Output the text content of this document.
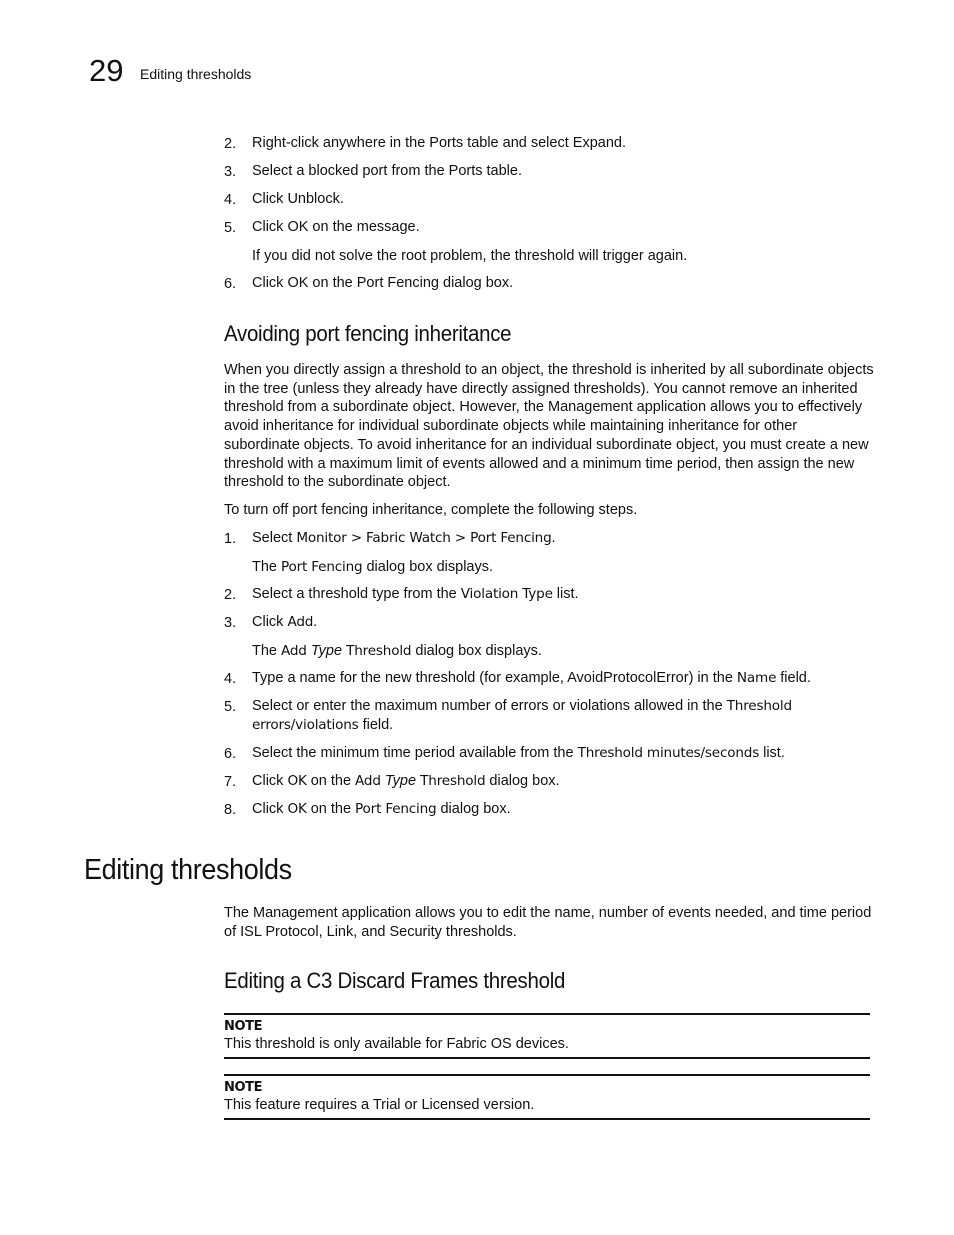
29 Editing thresholds
2. Right-click anywhere in the Ports table and select Expand.
3. Select a blocked port from the Ports table.
4. Click Unblock.
5. Click OK on the message.
If you did not solve the root problem, the threshold will trigger again.
6. Click OK on the Port Fencing dialog box.
Avoiding port fencing inheritance

When you directly assign a threshold to an object, the threshold is inherited by all subordinate objects in the tree (unless they already have directly assigned thresholds). You cannot remove an inherited threshold from a subordinate object. However, the Management application allows you to effectively avoid inheritance for individual subordinate objects while maintaining inheritance for other subordinate objects. To avoid inheritance for an individual subordinate object, you must create a new threshold with a maximum limit of events allowed and a minimum time period, then assign the new threshold to the subordinate object.

To turn off port fencing inheritance, complete the following steps.

1. Select Monitor > Fabric Watch > Port Fencing.
The Port Fencing dialog box displays.
2. Select a threshold type from the Violation Type list.
3. Click Add.
The Add Type Threshold dialog box displays.
4. Type a name for the new threshold (for example, AvoidProtocolError) in the Name field.
5. Select or enter the maximum number of errors or violations allowed in the Threshold errors/violations field.
6. Select the minimum time period available from the Threshold minutes/seconds list.
7. Click OK on the Add Type Threshold dialog box.
8. Click OK on the Port Fencing dialog box.
Editing thresholds

The Management application allows you to edit the name, number of events needed, and time period of ISL Protocol, Link, and Security thresholds.

Editing a C3 Discard Frames threshold
NOTE
This threshold is only available for Fabric OS devices.
NOTE
This feature requires a Trial or Licensed version.
